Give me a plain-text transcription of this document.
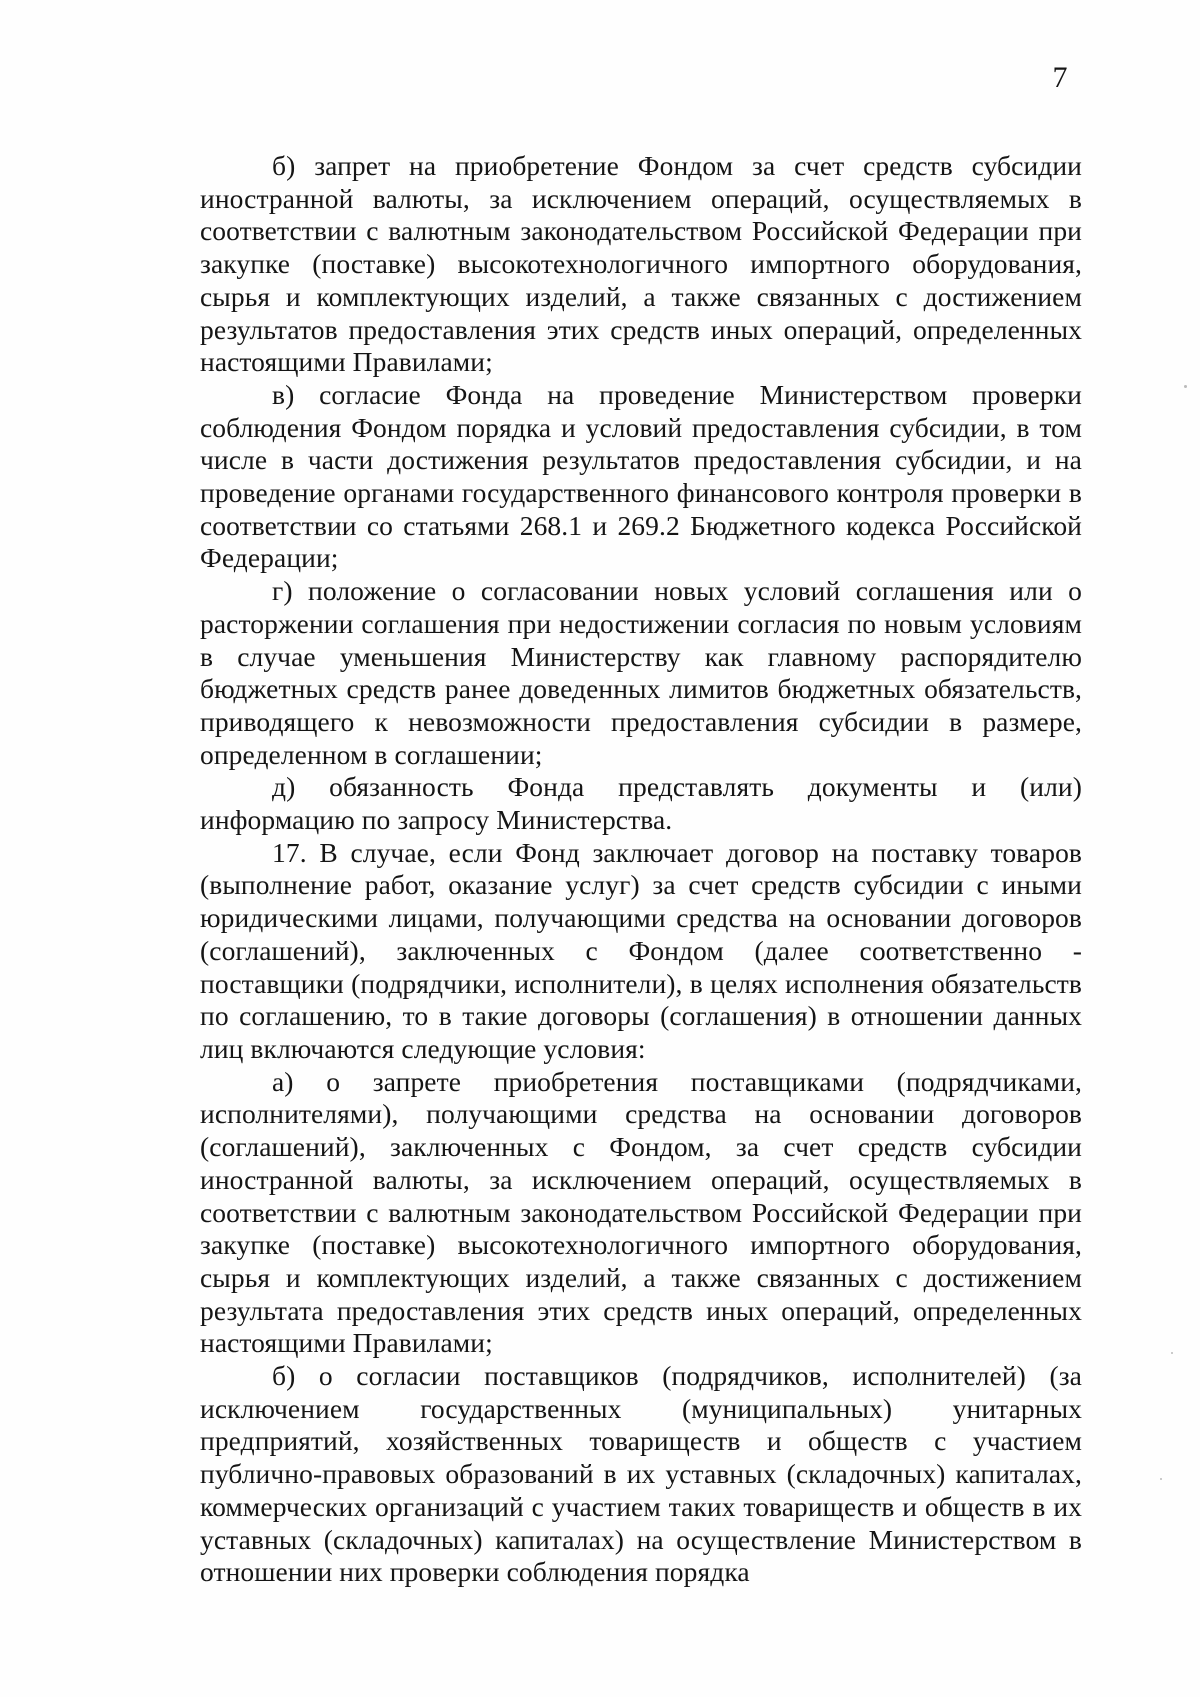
7

б) запрет на приобретение Фондом за счет средств субсидии иностранной валюты, за исключением операций, осуществляемых в соответствии с валютным законодательством Российской Федерации при закупке (поставке) высокотехнологичного импортного оборудования, сырья и комплектующих изделий, а также связанных с достижением результатов предоставления этих средств иных операций, определенных настоящими Правилами;

в) согласие Фонда на проведение Министерством проверки соблюдения Фондом порядка и условий предоставления субсидии, в том числе в части достижения результатов предоставления субсидии, и на проведение органами государственного финансового контроля проверки в соответствии со статьями 268.1 и 269.2 Бюджетного кодекса Российской Федерации;

г) положение о согласовании новых условий соглашения или о расторжении соглашения при недостижении согласия по новым условиям в случае уменьшения Министерству как главному распорядителю бюджетных средств ранее доведенных лимитов бюджетных обязательств, приводящего к невозможности предоставления субсидии в размере, определенном в соглашении;

д) обязанность Фонда представлять документы и (или) информацию по запросу Министерства.

17. В случае, если Фонд заключает договор на поставку товаров (выполнение работ, оказание услуг) за счет средств субсидии с иными юридическими лицами, получающими средства на основании договоров (соглашений), заключенных с Фондом (далее соответственно - поставщики (подрядчики, исполнители), в целях исполнения обязательств по соглашению, то в такие договоры (соглашения) в отношении данных лиц включаются следующие условия:

а) о запрете приобретения поставщиками (подрядчиками, исполнителями), получающими средства на основании договоров (соглашений), заключенных с Фондом, за счет средств субсидии иностранной валюты, за исключением операций, осуществляемых в соответствии с валютным законодательством Российской Федерации при закупке (поставке) высокотехнологичного импортного оборудования, сырья и комплектующих изделий, а также связанных с достижением результата предоставления этих средств иных операций, определенных настоящими Правилами;

б) о согласии поставщиков (подрядчиков, исполнителей) (за исключением государственных (муниципальных) унитарных предприятий, хозяйственных товариществ и обществ с участием публично-правовых образований в их уставных (складочных) капиталах, коммерческих организаций с участием таких товариществ и обществ в их уставных (складочных) капиталах) на осуществление Министерством в отношении них проверки соблюдения порядка
